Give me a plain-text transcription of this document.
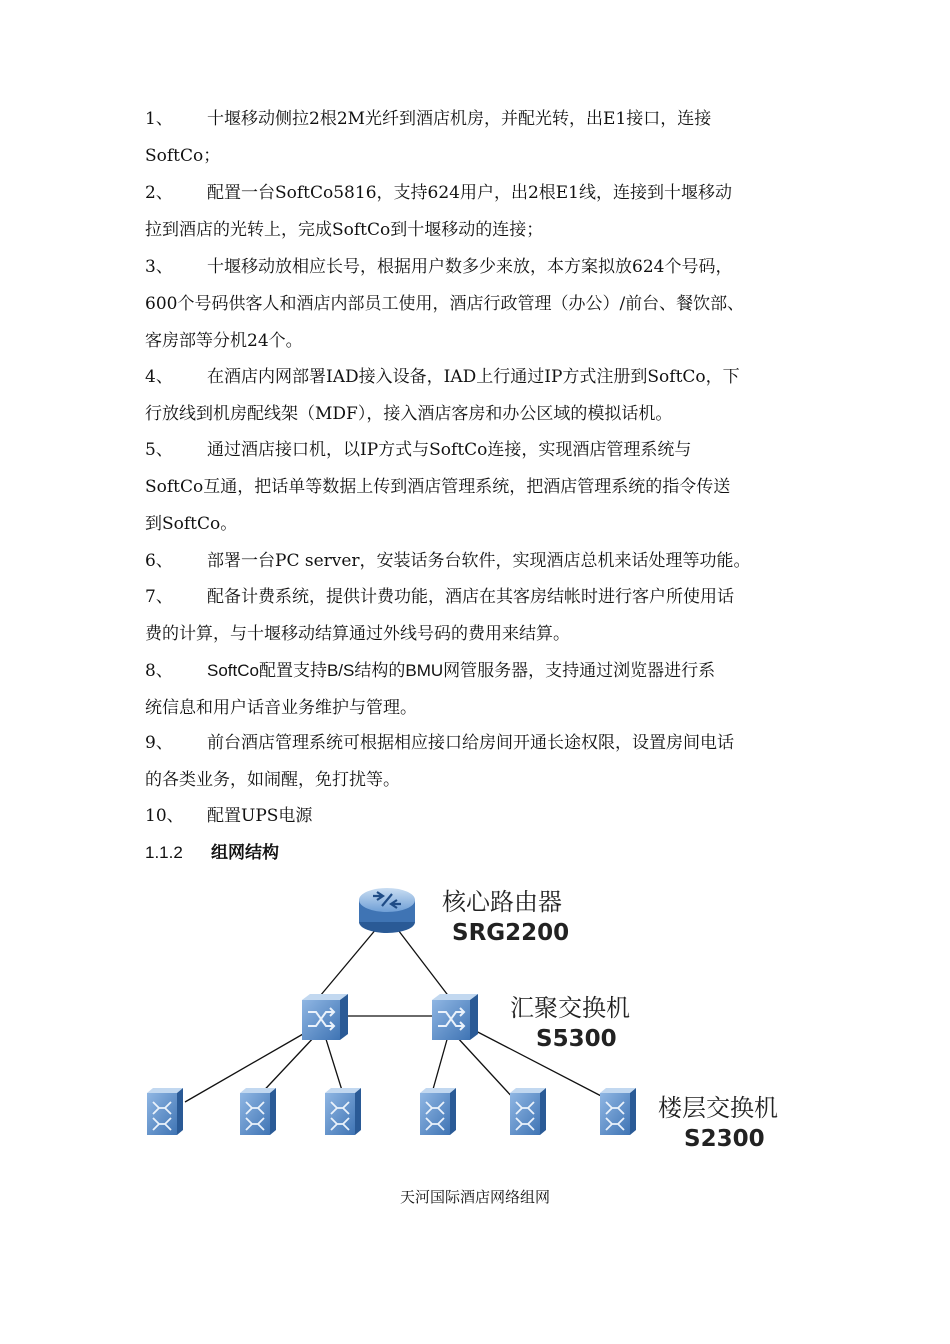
1、 十堰移动侧拉2根2M光纤到酒店机房，并配光转，出E1接口，连接
SoftCo；
2、 配置一台SoftCo5816，支持624用户，出2根E1线，连接到十堰移动
拉到酒店的光转上，完成SoftCo到十堰移动的连接；
3、 十堰移动放相应长号，根据用户数多少来放，本方案拟放624个号码，
600个号码供客人和酒店内部员工使用，酒店行政管理（办公）/前台、餐饮部、
客房部等分机24个。
4、 在酒店内网部署IAD接入设备，IAD上行通过IP方式注册到SoftCo，下
行放线到机房配线架（MDF），接入酒店客房和办公区域的模拟话机。
5、 通过酒店接口机，以IP方式与SoftCo连接，实现酒店管理系统与
SoftCo互通，把话单等数据上传到酒店管理系统，把酒店管理系统的指令传送
到SoftCo。
6、 部署一台PC server，安装话务台软件，实现酒店总机来话处理等功能。
7、 配备计费系统，提供计费功能，酒店在其客房结帐时进行客户所使用话
费的计算，与十堰移动结算通过外线号码的费用来结算。
8、 SoftCo配置支持B/S结构的BMU网管服务器，支持通过浏览器进行系
统信息和用户话音业务维护与管理。
9、 前台酒店管理系统可根据相应接口给房间开通长途权限，设置房间电话
的各类业务，如闹醒，免打扰等。
10、 配置UPS电源
1.1.2 组网结构
核心路由器
SRG2200
汇聚交换机
S5300
楼层交换机
S2300
天河国际酒店网络组网
